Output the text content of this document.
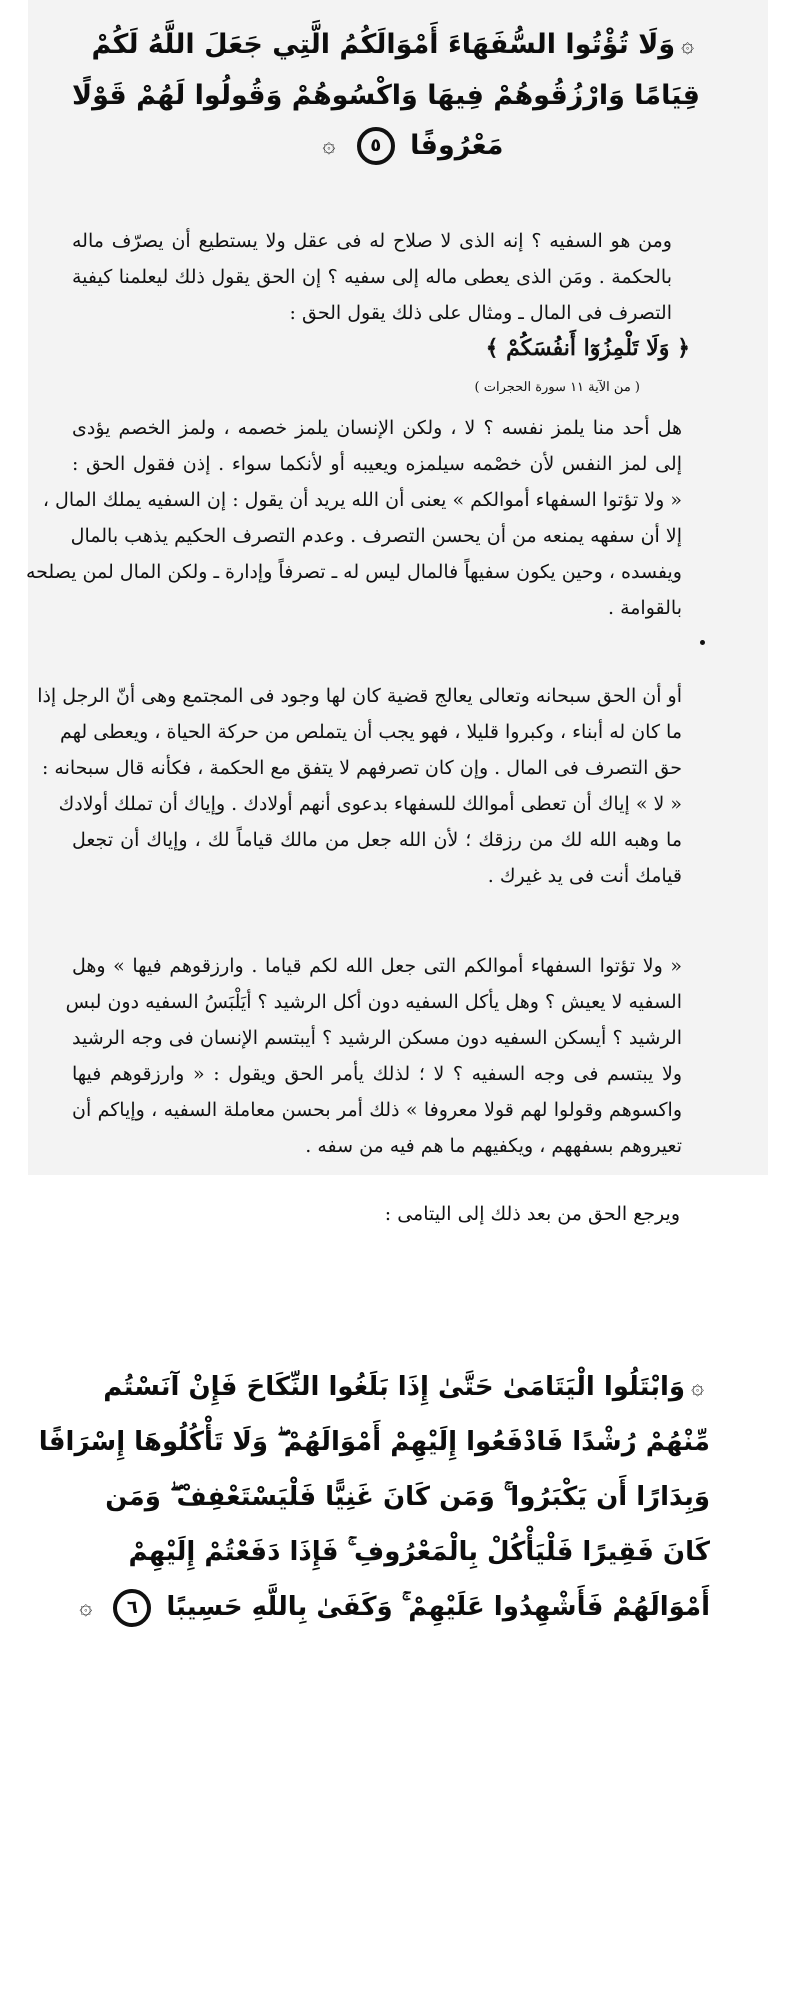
۞وَلَا تُؤْتُوا السُّفَهَاءَ أَمْوَالَكُمُ الَّتِي جَعَلَ اللَّهُ لَكُمْ
قِيَامًا وَارْزُقُوهُمْ فِيهَا وَاكْسُوهُمْ وَقُولُوا لَهُمْ قَوْلًا
مَعْرُوفًا ٥ ۞
ومن هو السفيه ؟ إنه الذى لا صلاح له فى عقل ولا يستطيع أن يصرّف ماله
بالحكمة . ومَن الذى يعطى ماله إلى سفيه ؟ إن الحق يقول ذلك ليعلمنا كيفية
التصرف فى المال ـ ومثال على ذلك يقول الحق :
﴿ وَلَا تَلْمِزُوٓا أَنفُسَكُمْ ﴾
( من الآية ١١ سورة الحجرات )
هل أحد منا يلمز نفسه ؟ لا ، ولكن الإنسان يلمز خصمه ، ولمز الخصم يؤدى
إلى لمز النفس لأن خصْمه سيلمزه ويعيبه أو لأنكما سواء . إذن فقول الحق :
« ولا تؤتوا السفهاء أموالكم » يعنى أن الله يريد أن يقول : إن السفيه يملك المال ،
إلا أن سفهه يمنعه من أن يحسن التصرف . وعدم التصرف الحكيم يذهب بالمال
ويفسده ، وحين يكون سفيهاً فالمال ليس له ـ تصرفاً وإدارة ـ ولكن المال لمن يصلحه
بالقوامة .
أو أن الحق سبحانه وتعالى يعالج قضية كان لها وجود فى المجتمع وهى أنّ الرجل إذا
ما كان له أبناء ، وكبروا قليلا ، فهو يجب أن يتملص من حركة الحياة ، ويعطى لهم
حق التصرف فى المال . وإن كان تصرفهم لا يتفق مع الحكمة ، فكأنه قال سبحانه :
« لا » إياك أن تعطى أموالك للسفهاء بدعوى أنهم أولادك . وإياك أن تملك أولادك
ما وهبه الله لك من رزقك ؛ لأن الله جعل من مالك قياماً لك ، وإياك أن تجعل
قيامك أنت فى يد غيرك .
« ولا تؤتوا السفهاء أموالكم التى جعل الله لكم قياما . وارزقوهم فيها » وهل
السفيه لا يعيش ؟ وهل يأكل السفيه دون أكل الرشيد ؟ أيَلْبَسُ السفيه دون لبس
الرشيد ؟ أيسكن السفيه دون مسكن الرشيد ؟ أيبتسم الإنسان فى وجه الرشيد
ولا يبتسم فى وجه السفيه ؟ لا ؛ لذلك يأمر الحق ويقول : « وارزقوهم فيها
واكسوهم وقولوا لهم قولا معروفا » ذلك أمر بحسن معاملة السفيه ، وإياكم أن
تعيروهم بسفههم ، ويكفيهم ما هم فيه من سفه .
ويرجع الحق من بعد ذلك إلى اليتامى :
۞وَابْتَلُوا الْيَتَامَىٰ حَتَّىٰ إِذَا بَلَغُوا النِّكَاحَ فَإِنْ آنَسْتُم
مِّنْهُمْ رُشْدًا فَادْفَعُوا إِلَيْهِمْ أَمْوَالَهُمْ ۖ وَلَا تَأْكُلُوهَا إِسْرَافًا
وَبِدَارًا أَن يَكْبَرُوا ۚ وَمَن كَانَ غَنِيًّا فَلْيَسْتَعْفِفْ ۖ وَمَن
كَانَ فَقِيرًا فَلْيَأْكُلْ بِالْمَعْرُوفِ ۚ فَإِذَا دَفَعْتُمْ إِلَيْهِمْ
أَمْوَالَهُمْ فَأَشْهِدُوا عَلَيْهِمْ ۚ وَكَفَىٰ بِاللَّهِ حَسِيبًا ٦ ۞
